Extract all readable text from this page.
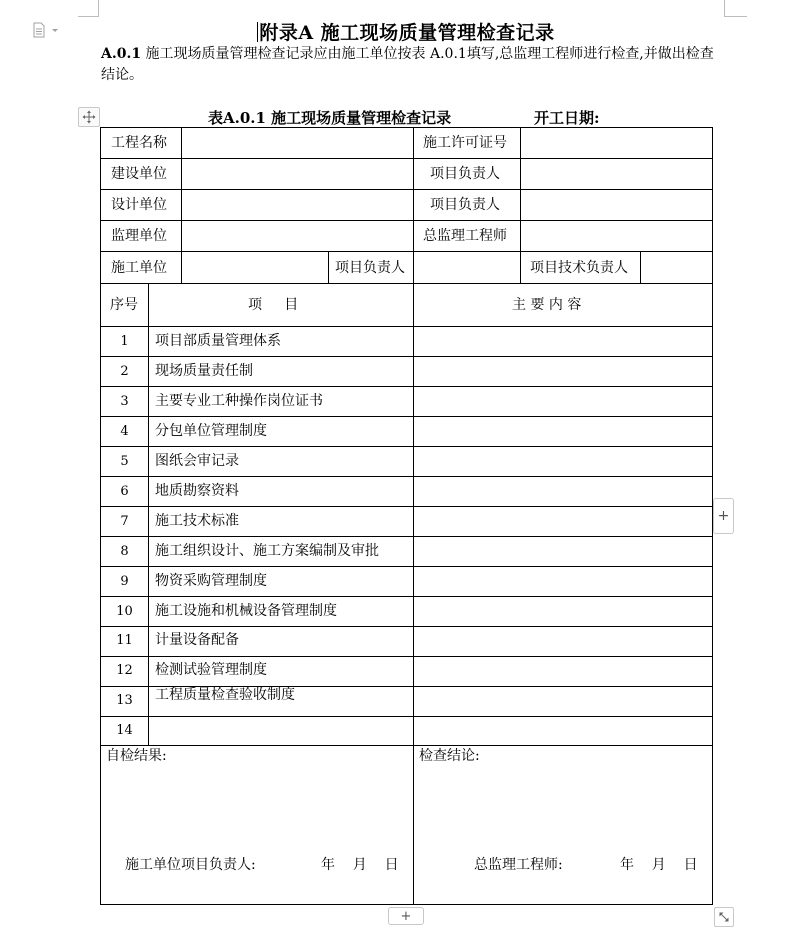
附录A 施工现场质量管理检查记录
A.0.1 施工现场质量管理检查记录应由施工单位按表 A.0.1填写,总监理工程师进行检查,并做出检查结论。
表A.0.1 施工现场质量管理检查记录	开工日期:
工程名称	施工许可证号
建设单位	项目负责人
设计单位	项目负责人
监理单位	总监理工程师
施工单位	项目负责人	项目技术负责人
序号	项     目	主 要 内 容
1	项目部质量管理体系
2	现场质量责任制
3	主要专业工种操作岗位证书
4	分包单位管理制度
5	图纸会审记录
6	地质勘察资料
7	施工技术标准
8	施工组织设计、施工方案编制及审批
9	物资采购管理制度
10	施工设施和机械设备管理制度
11	计量设备配备
12	检测试验管理制度
13	工程质量检查验收制度
14
自检结果:
施工单位项目负责人:	年    月    日
检查结论:
总监理工程师:	年    月    日
+
+
